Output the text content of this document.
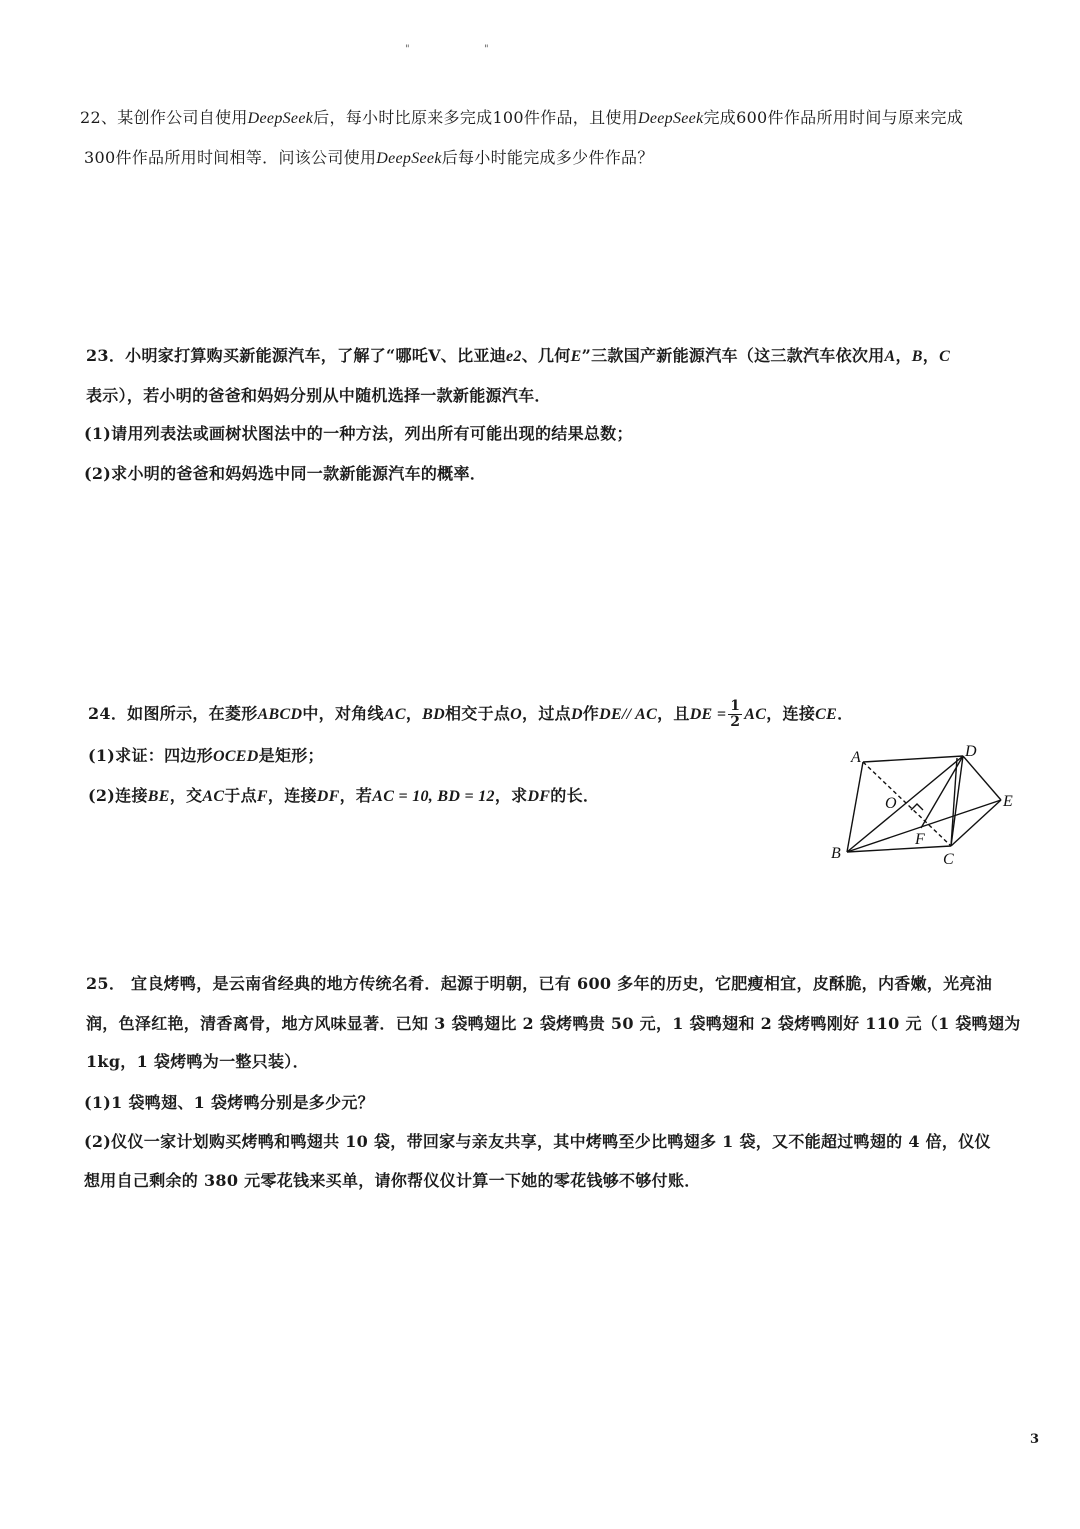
"	"
22、某创作公司自使用DeepSeek后，每小时比原来多完成100件作品，且使用DeepSeek完成600件作品所用时间与原来完成
300件作品所用时间相等．问该公司使用DeepSeek后每小时能完成多少件作品？
23．小明家打算购买新能源汽车，了解了“哪吒Ⅴ、比亚迪e2、几何E”三款国产新能源汽车（这三款汽车依次用A，B，C
表示），若小明的爸爸和妈妈分别从中随机选择一款新能源汽车．
(1)请用列表法或画树状图法中的一种方法，列出所有可能出现的结果总数；
(2)求小明的爸爸和妈妈选中同一款新能源汽车的概率．
24．如图所示，在菱形ABCD中，对角线AC，BD相交于点O，过点D作DE// AC，且DE = $\frac{1}{2}$ AC，连接CE．
(1)求证：四边形OCED是矩形；
(2)连接BE，交AC于点F，连接DF，若AC = 10, BD = 12，求DF的长．
A	D
E
O
F
B	C
25． 宜良烤鸭，是云南省经典的地方传统名肴．起源于明朝，已有 600 多年的历史，它肥瘦相宜，皮酥脆，内香嫩，光亮油
润，色泽红艳，清香离骨，地方风味显著．已知 3 袋鸭翅比 2 袋烤鸭贵 50 元，1 袋鸭翅和 2 袋烤鸭刚好 110 元（1 袋鸭翅为
1kg，1 袋烤鸭为一整只装）．
(1)1 袋鸭翅、1 袋烤鸭分别是多少元？
(2)仪仪一家计划购买烤鸭和鸭翅共 10 袋，带回家与亲友共享，其中烤鸭至少比鸭翅多 1 袋，又不能超过鸭翅的 4 倍，仪仪
想用自己剩余的 380 元零花钱来买单，请你帮仪仪计算一下她的零花钱够不够付账．
3
